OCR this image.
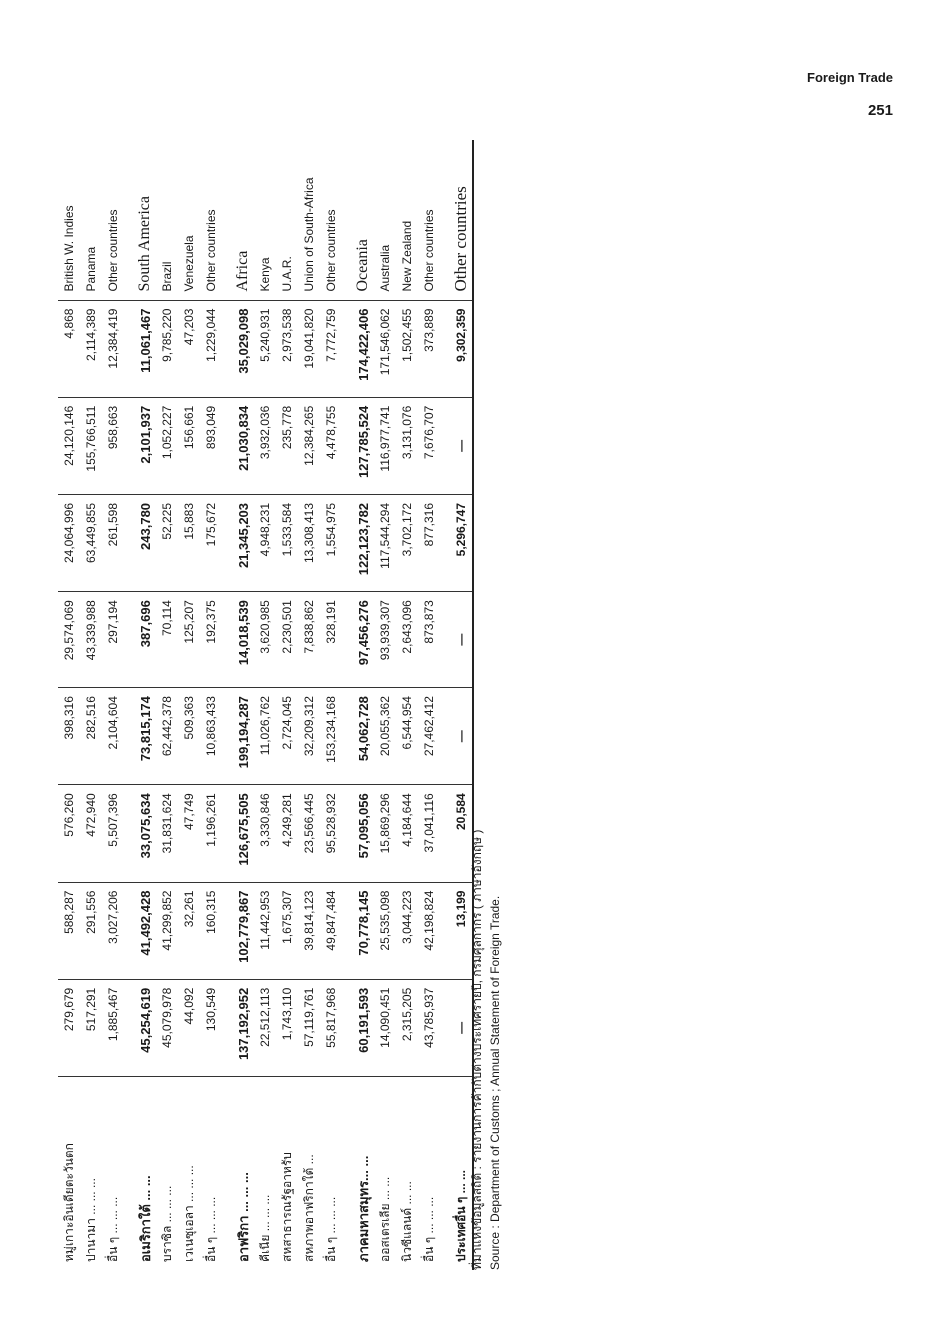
Foreign Trade
251
หมู่เกาะอินเดียตะวันตก	279,679	588,287	576,260	398,316	29,574,069	24,064,996	24,120,146	4,868	British W. Indies
ปานามา ... ... ...	517,291	291,556	472,940	282,516	43,339,988	63,449,855	155,766,511	2,114,389	Panama
อื่น ๆ ... ... ...	1,885,467	3,027,206	5,507,396	2,104,604	297,194	261,598	958,663	12,384,419	Other countries

อเมริกาใต้ ... ...	45,254,619	41,492,428	33,075,634	73,815,174	387,696	243,780	2,101,937	11,061,467	South America
บราซิล ... ... ...	45,079,978	41,299,852	31,831,624	62,442,378	70,114	52,225	1,052,227	9,785,220	Brazil
เวเนซุเอลา ... ... ...	44,092	32,261	47,749	509,363	125,207	15,883	156,661	47,203	Venezuela
อื่น ๆ ... ... ...	130,549	160,315	1,196,261	10,863,433	192,375	175,672	893,049	1,229,044	Other countries

อาฟริกา ... ... ...	137,192,952	102,779,867	126,675,505	199,194,287	14,018,539	21,345,203	21,030,834	35,029,098	Africa
คีเนีย ... ... ...	22,512,113	11,442,953	3,330,846	11,026,762	3,620,985	4,948,231	3,932,036	5,240,931	Kenya
สหสาธารณรัฐอาหรับ	1,743,110	1,675,307	4,249,281	2,724,045	2,230,501	1,533,584	235,778	2,973,538	U.A.R.
สหภาพอาฟริกาใต้ ...	57,119,761	39,814,123	23,566,445	32,209,312	7,838,862	13,308,413	12,384,265	19,041,820	Union of South-Africa
อื่น ๆ ... ... ...	55,817,968	49,847,484	95,528,932	153,234,168	328,191	1,554,975	4,478,755	7,772,759	Other countries

ภาคมหาสมุทร... ...	60,191,593	70,778,145	57,095,056	54,062,728	97,456,276	122,123,782	127,785,524	174,422,406	Oceania
ออสเตรเลีย ... ...	14,090,451	25,535,098	15,869,296	20,055,362	93,939,307	117,544,294	116,977,741	171,546,062	Australia
นิวซีแลนด์ ... ...	2,315,205	3,044,223	4,184,644	6,544,954	2,643,096	3,702,172	3,131,076	1,502,455	New Zealand
อื่น ๆ ... ... ...	43,785,937	42,198,824	37,041,116	27,462,412	873,873	877,316	7,676,707	373,889	Other countries

ประเทศอื่น ๆ ... ...	—	13,199	20,584	—	—	5,296,747	—	9,302,359	Other countries

ที่มาแห่งข้อมูลสถิติ : รายงานการค้ากับต่างประเทศรายปี, กรมศุลกากร ( ภาษาอังกฤษ ) Source : Department of Customs ; Annual Statement of Foreign Trade.
